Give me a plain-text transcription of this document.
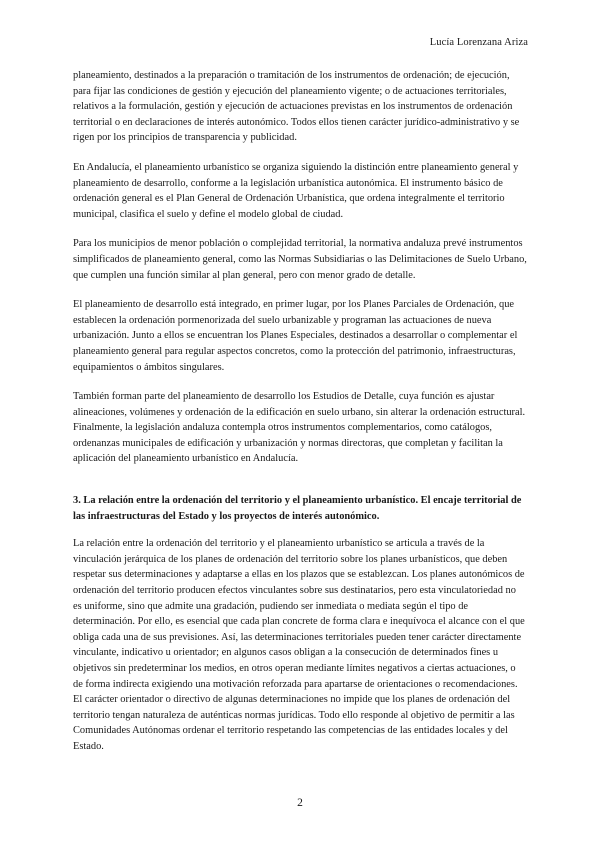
Lucía Lorenzana Ariza

planeamiento, destinados a la preparación o tramitación de los instrumentos de ordenación; de ejecución, para fijar las condiciones de gestión y ejecución del planeamiento vigente; o de actuaciones territoriales, relativos a la formulación, gestión y ejecución de actuaciones previstas en los instrumentos de ordenación territorial o en declaraciones de interés autonómico. Todos ellos tienen carácter jurídico-administrativo y se rigen por los principios de transparencia y publicidad.

En Andalucía, el planeamiento urbanístico se organiza siguiendo la distinción entre planeamiento general y planeamiento de desarrollo, conforme a la legislación urbanística autonómica. El instrumento básico de ordenación general es el Plan General de Ordenación Urbanística, que ordena integralmente el territorio municipal, clasifica el suelo y define el modelo global de ciudad.

Para los municipios de menor población o complejidad territorial, la normativa andaluza prevé instrumentos simplificados de planeamiento general, como las Normas Subsidiarias o las Delimitaciones de Suelo Urbano, que cumplen una función similar al plan general, pero con menor grado de detalle.

El planeamiento de desarrollo está integrado, en primer lugar, por los Planes Parciales de Ordenación, que establecen la ordenación pormenorizada del suelo urbanizable y programan las actuaciones de nueva urbanización. Junto a ellos se encuentran los Planes Especiales, destinados a desarrollar o complementar el planeamiento general para regular aspectos concretos, como la protección del patrimonio, infraestructuras, equipamientos o ámbitos singulares.

También forman parte del planeamiento de desarrollo los Estudios de Detalle, cuya función es ajustar alineaciones, volúmenes y ordenación de la edificación en suelo urbano, sin alterar la ordenación estructural. Finalmente, la legislación andaluza contempla otros instrumentos complementarios, como catálogos, ordenanzas municipales de edificación y urbanización y normas directoras, que completan y facilitan la aplicación del planeamiento urbanístico en Andalucía.

3. La relación entre la ordenación del territorio y el planeamiento urbanístico. El encaje territorial de las infraestructuras del Estado y los proyectos de interés autonómico.

La relación entre la ordenación del territorio y el planeamiento urbanístico se articula a través de la vinculación jerárquica de los planes de ordenación del territorio sobre los planes urbanísticos, que deben respetar sus determinaciones y adaptarse a ellas en los plazos que se establezcan. Los planes autonómicos de ordenación del territorio producen efectos vinculantes sobre sus destinatarios, pero esta vinculatoriedad no es uniforme, sino que admite una gradación, pudiendo ser inmediata o mediata según el tipo de determinación. Por ello, es esencial que cada plan concrete de forma clara e inequívoca el alcance con el que obliga cada una de sus previsiones. Así, las determinaciones territoriales pueden tener carácter directamente vinculante, indicativo u orientador; en algunos casos obligan a la consecución de determinados fines u objetivos sin predeterminar los medios, en otros operan mediante límites negativos a ciertas actuaciones, o de forma indirecta exigiendo una motivación reforzada para apartarse de orientaciones o recomendaciones. El carácter orientador o directivo de algunas determinaciones no impide que los planes de ordenación del territorio tengan naturaleza de auténticas normas jurídicas. Todo ello responde al objetivo de permitir a las Comunidades Autónomas ordenar el territorio respetando las competencias de las entidades locales y del Estado.

2
